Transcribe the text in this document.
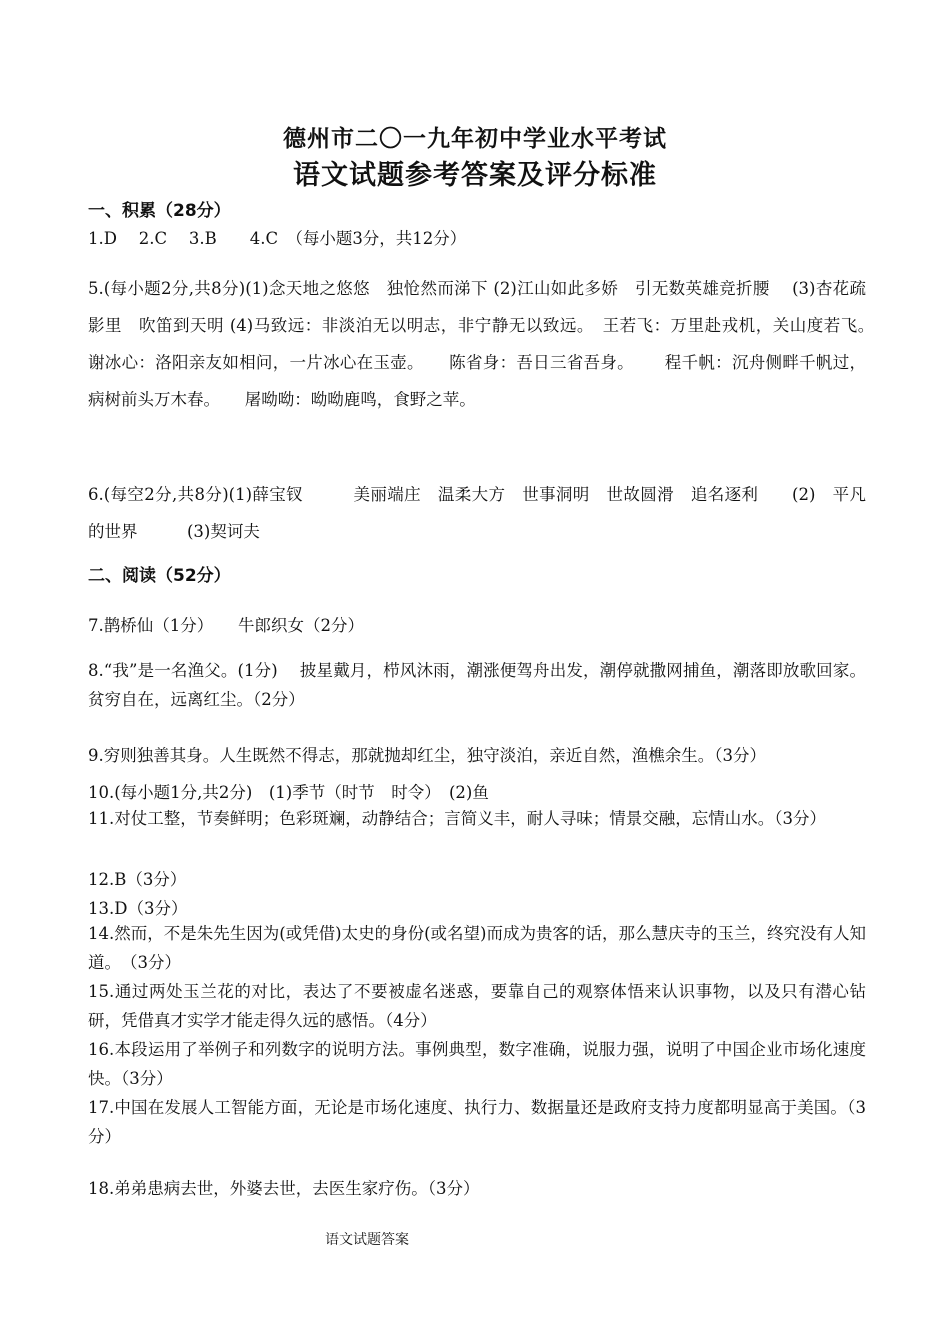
德州市二〇一九年初中学业水平考试
语文试题参考答案及评分标准
一、积累（28分）
1.D　 2.C　 3.B　　4.C　（每小题3分，共12分）
5.(每小题2分,共8分)(1)念天地之悠悠　独怆然而涕下 (2)江山如此多娇　引无数英雄竞折腰　 (3)杏花疏影里　吹笛到天明 (4)马致远：非淡泊无以明志，非宁静无以致远。　王若飞：万里赴戎机，关山度若飞。　　谢冰心：洛阳亲友如相问，一片冰心在玉壶。　　陈省身：吾日三省吾身。　　 程千帆：沉舟侧畔千帆过，病树前头万木春。　　屠呦呦：呦呦鹿鸣，食野之苹。
6.(每空2分,共8分)(1)薛宝钗　　　美丽端庄　温柔大方　世事洞明　世故圆滑　追名逐利　　(2)　平凡的世界　　　(3)契诃夫
二、阅读（52分）
7.鹊桥仙（1分）　　牛郎织女（2分）
8.“我”是一名渔父。(1分)　 披星戴月，栉风沐雨，潮涨便驾舟出发，潮停就撒网捕鱼，潮落即放歌回家。贫穷自在，远离红尘。（2分）
9.穷则独善其身。人生既然不得志，那就抛却红尘，独守淡泊，亲近自然，渔樵余生。（3分）
10.(每小题1分,共2分)　(1)季节（时节　时令）　(2)鱼
11.对仗工整，节奏鲜明；色彩斑斓，动静结合；言简义丰，耐人寻味；情景交融，忘情山水。（3分）
12.B（3分）
13.D（3分）
14.然而，不是朱先生因为(或凭借)太史的身份(或名望)而成为贵客的话，那么慧庆寺的玉兰，终究没有人知道。　（3分）
15.通过两处玉兰花的对比，表达了不要被虚名迷惑，要靠自己的观察体悟来认识事物，以及只有潜心钻研，凭借真才实学才能走得久远的感悟。（4分）
16.本段运用了举例子和列数字的说明方法。事例典型，数字准确，说服力强，说明了中国企业市场化速度快。（3分）
17.中国在发展人工智能方面，无论是市场化速度、执行力、数据量还是政府支持力度都明显高于美国。（3分）
18.弟弟患病去世，外婆去世，去医生家疗伤。（3分）
语文试题答案
